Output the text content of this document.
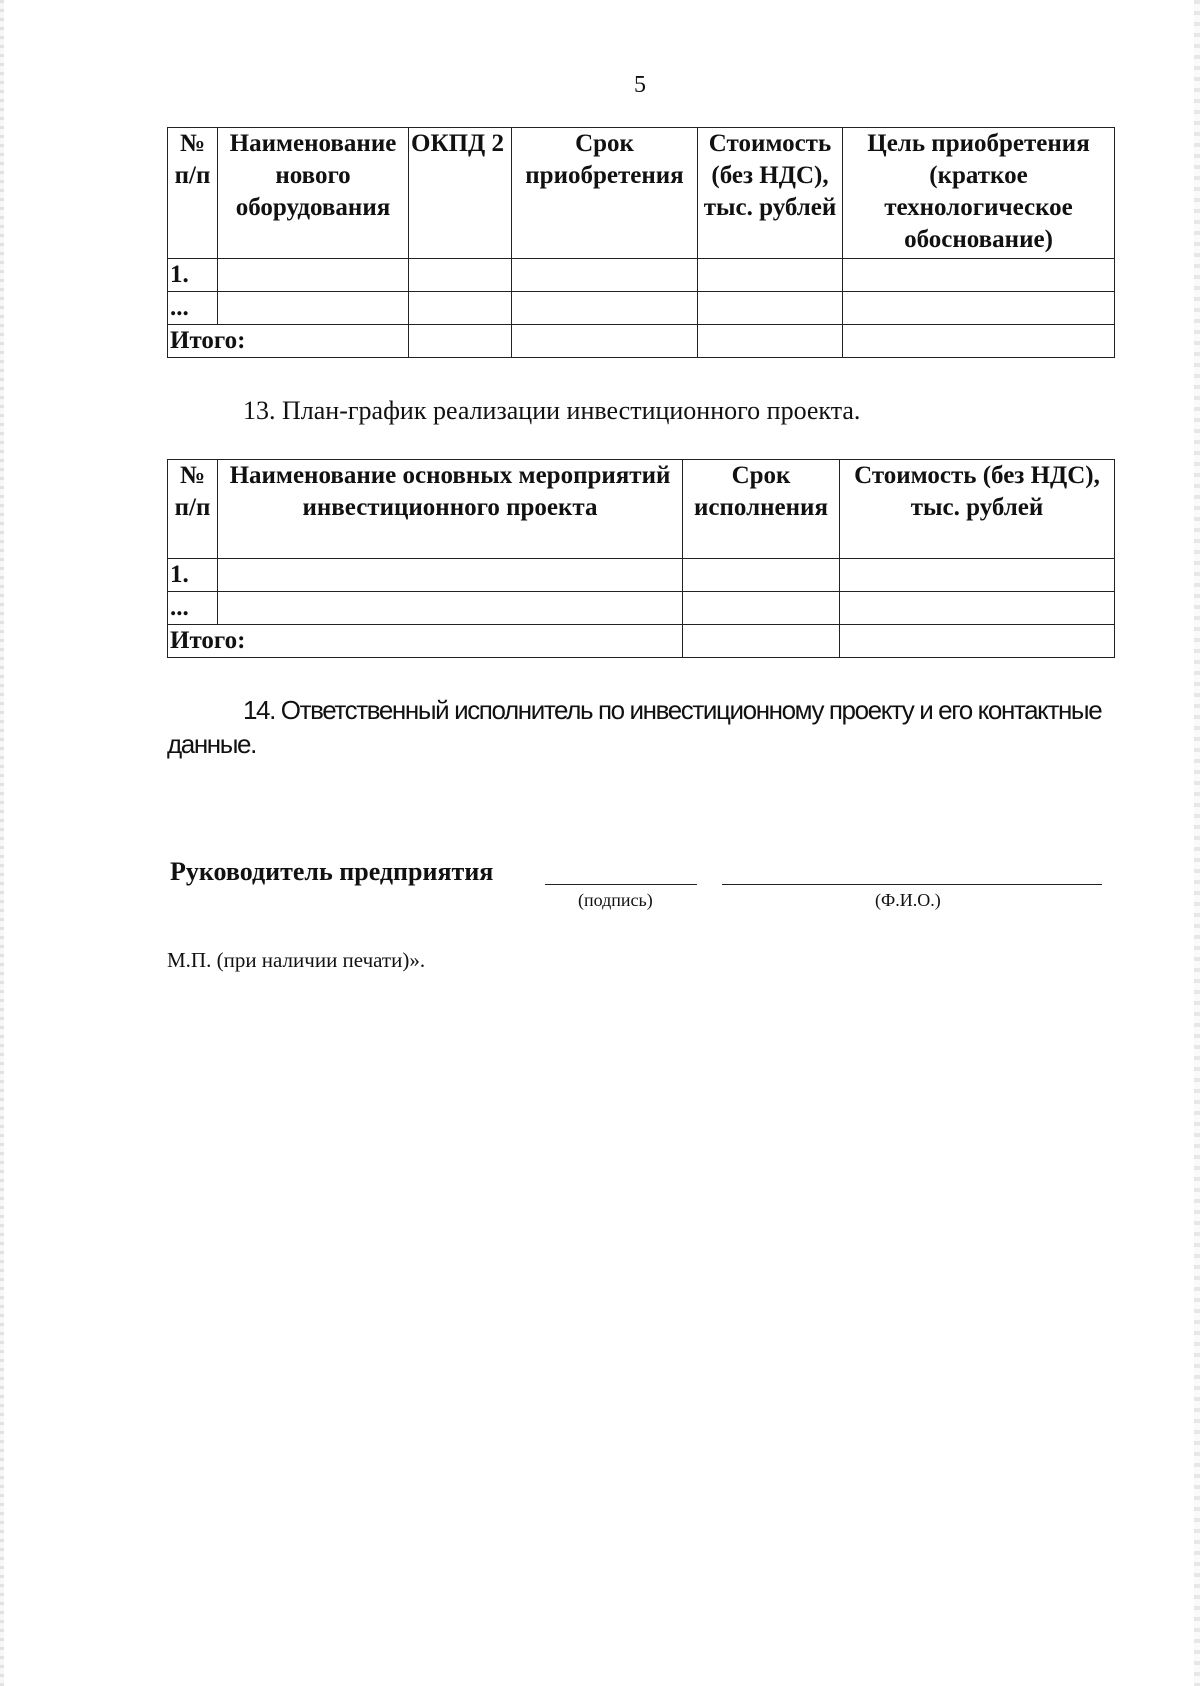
5
№ п/п	Наименование нового оборудования	ОКПД 2	Срок приобретения	Стоимость (без НДС), тыс. рублей	Цель приобретения (краткое технологическое обоснование)
1.					
...					
Итого:					
13. План-график реализации инвестиционного проекта.
№ п/п	Наименование основных мероприятий инвестиционного проекта	Срок исполнения	Стоимость (без НДС), тыс. рублей
1.			
...			
Итого:			
14. Ответственный исполнитель по инвестиционному проекту и его контактные данные.
Руководитель предприятия
(подпись)	(Ф.И.О.)
М.П. (при наличии печати)».
